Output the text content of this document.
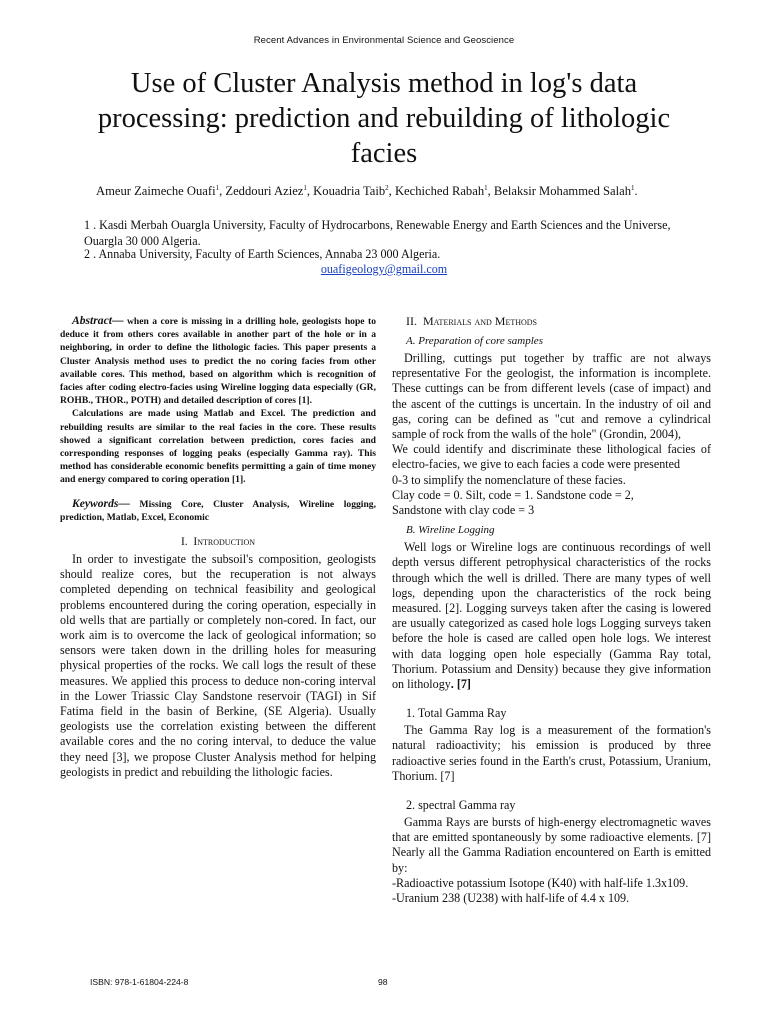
Recent Advances in Environmental Science and Geoscience
Use of Cluster Analysis method in log's data processing: prediction and rebuilding of lithologic facies

Ameur Zaimeche Ouafi$^1$, Zeddouri Aziez$^1$, Kouadria Taib$^2$, Kechiched Rabah$^1$, Belaksir Mohammed Salah$^1$.

1 . Kasdi Merbah Ouargla University, Faculty of Hydrocarbons, Renewable Energy and Earth Sciences and the Universe, Ouargla 30 000 Algeria.

2 . Annaba University, Faculty of Earth Sciences, Annaba 23 000 Algeria.

ouafigeology@gmail.com

Abstract— when a core is missing in a drilling hole, geologists hope to deduce it from others cores available in another part of the hole or in a neighboring, in order to define the lithologic facies. This paper presents a Cluster Analysis method uses to predict the no coring facies from other available cores. This method, based on algorithm which is recognition of facies after coding electro-facies using Wireline logging data especially (GR, ROHB., THOR., POTH) and detailed description of cores [1].

Calculations are made using Matlab and Excel. The prediction and rebuilding results are similar to the real facies in the core. These results showed a significant correlation between prediction, cores facies and corresponding responses of logging peaks (especially Gamma ray). This method has considerable economic benefits permitting a gain of time money and energy compared to coring operation [1].

Keywords— Missing Core, Cluster Analysis, Wireline logging, prediction, Matlab, Excel, Economic

I. Introduction

In order to investigate the subsoil's composition, geologists should realize cores, but the recuperation is not always completed depending on technical feasibility and geological problems encountered during the coring operation, especially in old wells that are partially or completely non-cored. In fact, our work aim is to overcome the lack of geological information; so sensors were taken down in the drilling holes for measuring physical properties of the rocks. We call logs the result of these measures. We applied this process to deduce non-coring interval in the Lower Triassic Clay Sandstone reservoir (TAGI) in Sif Fatima field in the basin of Berkine, (SE Algeria). Usually geologists use the correlation existing between the different available cores and the no coring interval, to deduce the value they need [3], we propose Cluster Analysis method for helping geologists in predict and rebuilding the lithologic facies.

II. Materials and Methods
A. Preparation of core samples

Drilling, cuttings put together by traffic are not always representative For the geologist, the information is incomplete. These cuttings can be from different levels (case of impact) and the ascent of the cuttings is uncertain. In the industry of oil and gas, coring can be defined as "cut and remove a cylindrical sample of rock from the walls of the hole" (Grondin, 2004),

We could identify and discriminate these lithological facies of electro-facies, we give to each facies a code were presented

0-3 to simplify the nomenclature of these facies.

Clay code = 0. Silt, code = 1. Sandstone code = 2,

Sandstone with clay code = 3

B. Wireline Logging

Well logs or Wireline logs are continuous recordings of well depth versus different petrophysical characteristics of the rocks through which the well is drilled. There are many types of well logs, depending upon the characteristics of the rock being measured. [2]. Logging surveys taken after the casing is lowered are usually categorized as cased hole logs Logging surveys taken before the hole is cased are called open hole logs. We interest with data logging open hole especially (Gamma Ray total, Thorium. Potassium and Density) because they give information on lithology. [7]

1. Total Gamma Ray

The Gamma Ray log is a measurement of the formation's natural radioactivity; his emission is produced by three radioactive series found in the Earth's crust, Potassium, Uranium, Thorium. [7]

2. spectral Gamma ray

Gamma Rays are bursts of high-energy electromagnetic waves that are emitted spontaneously by some radioactive elements. [7] Nearly all the Gamma Radiation encountered on Earth is emitted by:

-Radioactive potassium Isotope (K40) with half-life 1.3x109.

-Uranium 238 (U238) with half-life of 4.4 x 109.

ISBN: 978-1-61804-224-8	98
